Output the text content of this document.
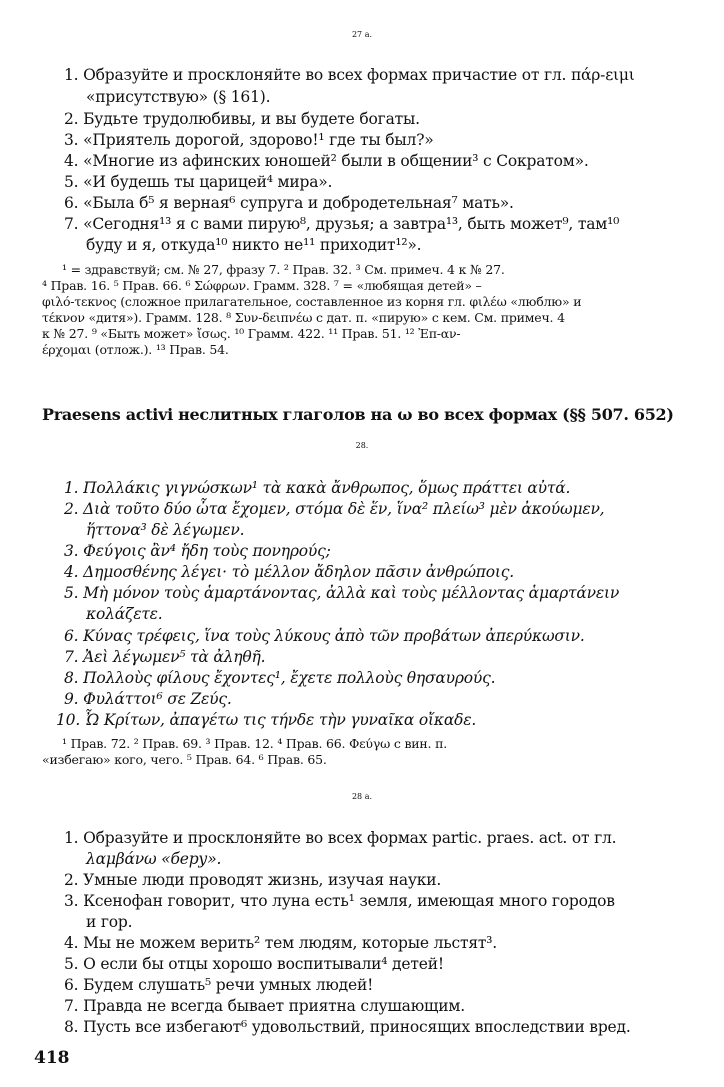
27 a.
1. Образуйте и просклоняйте во всех формах причастие от гл. πάρ-ειμι
«присутствую» (§ 161).
2. Будьте трудолюбивы, и вы будете богаты.
3. «Приятель дорогой, здорово!¹ где ты был?»
4. «Многие из афинских юношей² были в общении³ с Сократом».
5. «И будешь ты царицей⁴ мира».
6. «Была б⁵ я верная⁶ супруга и добродетельная⁷ мать».
7. «Сегодня¹³ я с вами пирую⁸, друзья; а завтра¹³, быть может⁹, там¹⁰
буду и я, откуда¹⁰ никто не¹¹ приходит¹²».
¹ = здравствуй; см. № 27, фразу 7. ² Прав. 32. ³ См. примеч. 4 к № 27.
⁴ Прав. 16. ⁵ Прав. 66. ⁶ Σώφρων. Грамм. 328. ⁷ = «любящая детей» –
φιλό-τεκνος (сложное прилагательное, составленное из корня гл. φιλέω «люблю» и
τέκνον «дитя»). Грамм. 128. ⁸ Συν-δειπνέω с дат. п. «пирую» с кем. См. примеч. 4
к № 27. ⁹ «Быть может» ἴσως. ¹⁰ Грамм. 422. ¹¹ Прав. 51. ¹² Ἐπ-αν-
έρχομαι (отлож.). ¹³ Прав. 54.
Praesens activi неслитных глаголов на ω во всех формах (§§ 507. 652)
28.
1. Πολλάκις γιγνώσκων¹ τὰ κακὰ ἄνθρωπος, ὅμως πράττει αὐτά.
2. Διὰ τοῦτο δύο ὦτα ἔχομεν, στόμα δὲ ἕν, ἵνα² πλείω³ μὲν ἀκούωμεν,
ἥττονα³ δὲ λέγωμεν.
3. Φεύγοις ἂν⁴ ἤδη τοὺς πονηρούς;
4. Δημοσθένης λέγει· τὸ μέλλον ἄδηλον πᾶσιν ἀνθρώποις.
5. Μὴ μόνον τοὺς ἁμαρτάνοντας, ἀλλὰ καὶ τοὺς μέλλοντας ἁμαρτάνειν
κολάζετε.
6. Κύνας τρέφεις, ἵνα τοὺς λύκους ἀπὸ τῶν προβάτων ἀπερύκωσιν.
7. Ἀεὶ λέγωμεν⁵ τὰ ἀληθῆ.
8. Πολλοὺς φίλους ἔχοντες¹, ἔχετε πολλοὺς θησαυρούς.
9. Φυλάττοι⁶ σε Ζεύς.
10. Ὦ Κρίτων, ἀπαγέτω τις τήνδε τὴν γυναῖκα οἴκαδε.
¹ Прав. 72. ² Прав. 69. ³ Прав. 12. ⁴ Прав. 66. Φεύγω с вин. п.
«избегаю» кого, чего. ⁵ Прав. 64. ⁶ Прав. 65.
28 a.
1. Образуйте и просклоняйте во всех формах partic. praes. act. от гл.
λαμβάνω «беру».
2. Умные люди проводят жизнь, изучая науки.
3. Ксенофан говорит, что луна есть¹ земля, имеющая много городов
и гор.
4. Мы не можем верить² тем людям, которые льстят³.
5. О если бы отцы хорошо воспитывали⁴ детей!
6. Будем слушать⁵ речи умных людей!
7. Правда не всегда бывает приятна слушающим.
8. Пусть все избегают⁶ удовольствий, приносящих впоследствии вред.
418
